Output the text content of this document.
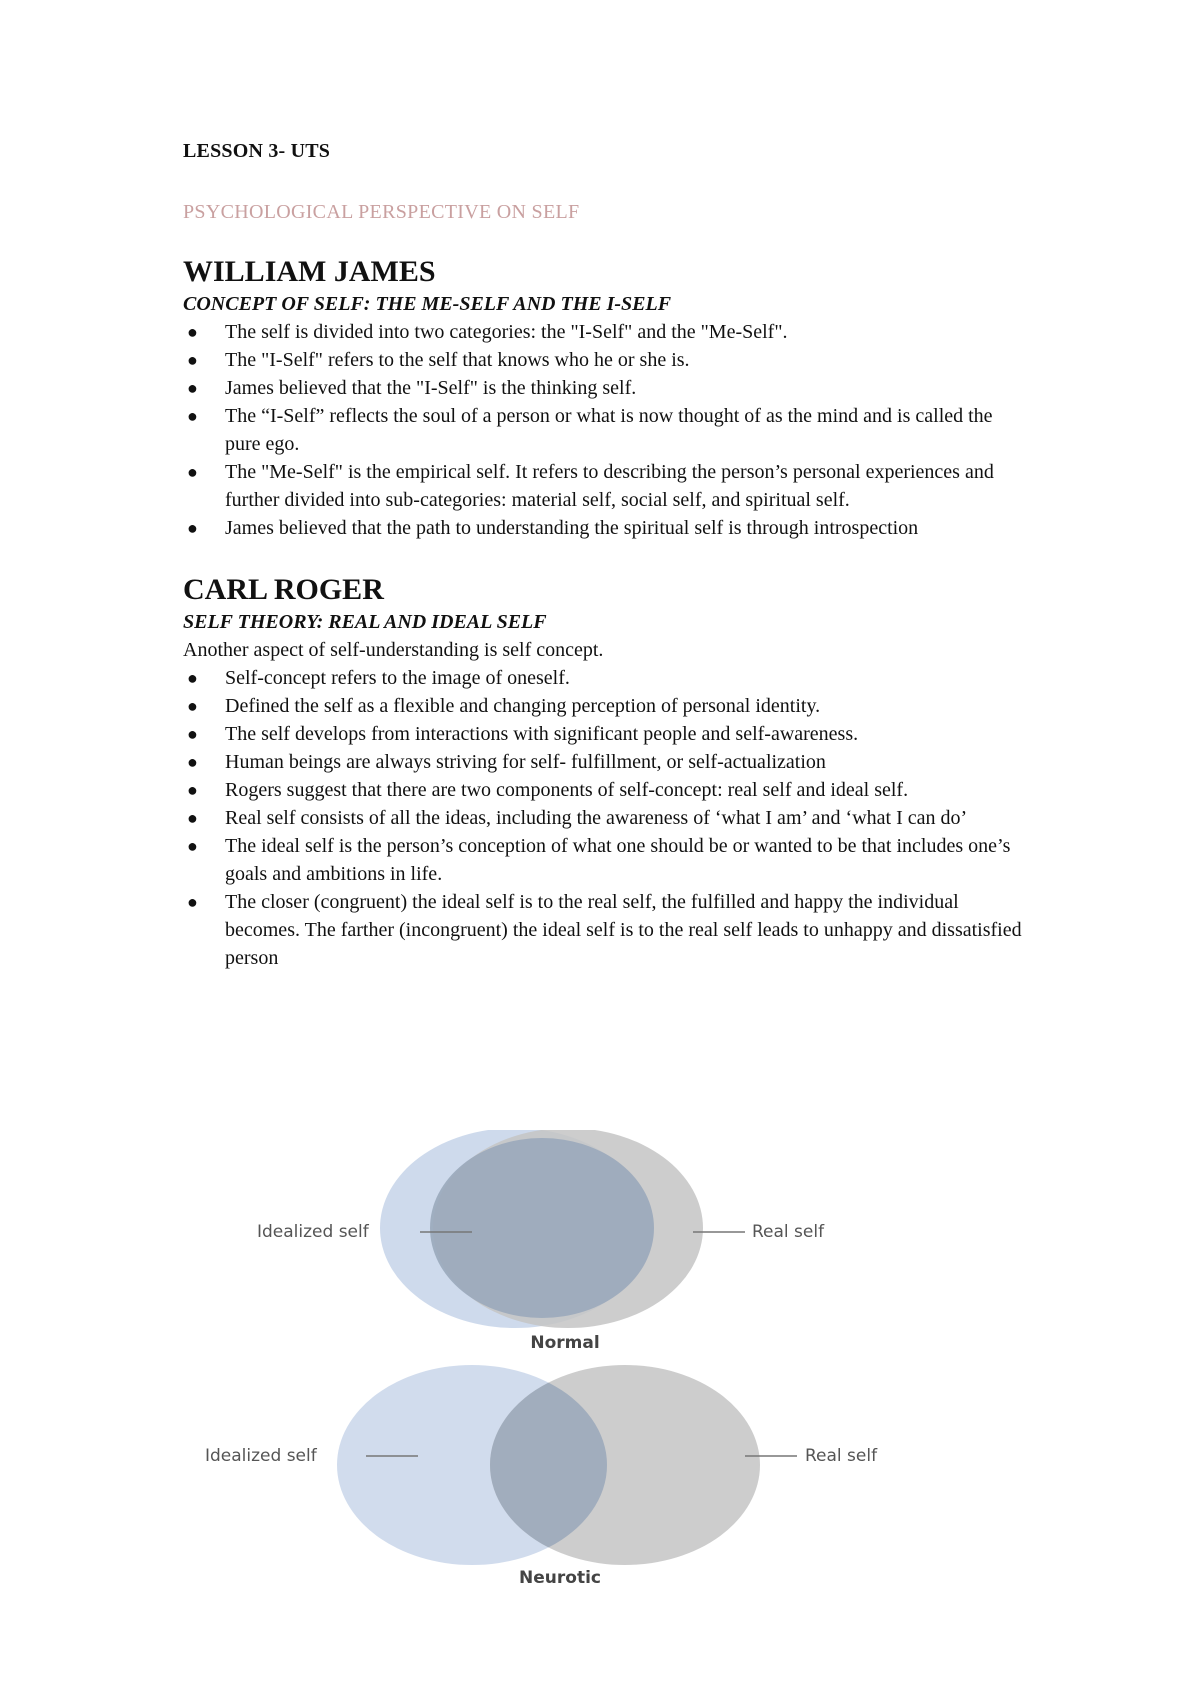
LESSON 3- UTS

PSYCHOLOGICAL PERSPECTIVE ON SELF

WILLIAM JAMES

CONCEPT OF SELF: THE ME-SELF AND THE I-SELF

● The self is divided into two categories: the "I-Self" and the "Me-Self".
● The "I-Self" refers to the self that knows who he or she is.
● James believed that the "I-Self" is the thinking self.
● The “I-Self” reflects the soul of a person or what is now thought of as the mind and is called the pure ego.
● The "Me-Self" is the empirical self. It refers to describing the person’s personal experiences and further divided into sub-categories: material self, social self, and spiritual self.
● James believed that the path to understanding the spiritual self is through introspection
CARL ROGER

SELF THEORY: REAL AND IDEAL SELF

Another aspect of self-understanding is self concept.

● Self-concept refers to the image of oneself.
● Defined the self as a flexible and changing perception of personal identity.
● The self develops from interactions with significant people and self-awareness.
● Human beings are always striving for self- fulfillment, or self-actualization
● Rogers suggest that there are two components of self-concept: real self and ideal self.
● Real self consists of all the ideas, including the awareness of ‘what I am’ and ‘what I can do’
● The ideal self is the person’s conception of what one should be or wanted to be that includes one’s goals and ambitions in life.
● The closer (congruent) the ideal self is to the real self, the fulfilled and happy the individual becomes. The farther (incongruent) the ideal self is to the real self leads to unhappy and dissatisfied person
Idealized self	Real self
Normal
Idealized self	Real self
Neurotic
